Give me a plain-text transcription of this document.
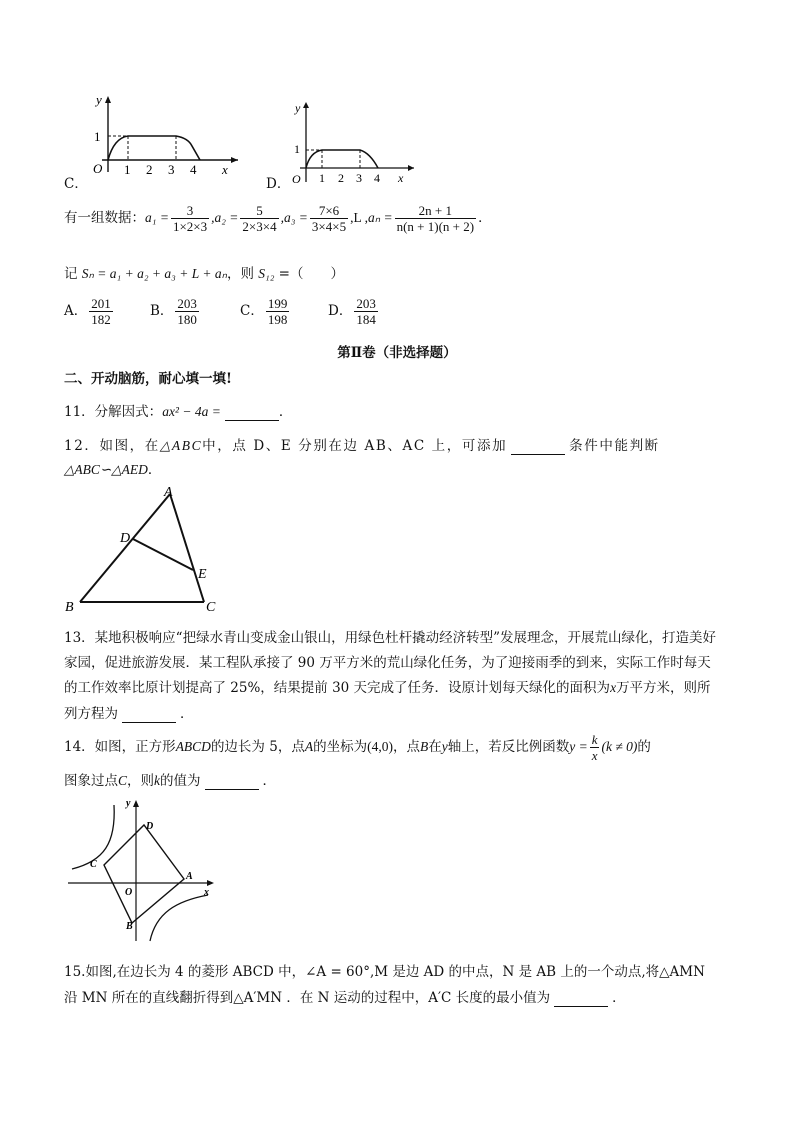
C．
y
1
O	x
1 2 3 4
D．
y
1
O	x
1 2 3 4
有一组数据：$a_1 = \frac{3}{1\times 2\times 3} ,a_2 = \frac{5}{2\times 3\times 4} ,a_3 = \frac{7\times 6}{3\times 4\times 5} ,L$ $,a_n = \frac{2n + 1}{n(n + 1)(n + 2)}$ ．
记 Sₙ = a₁ + a₂ + a₃ + L + aₙ，则 S₁₂ =（　　）
A． $\frac{201}{182}$	B． $\frac{203}{180}$	C． $\frac{199}{198}$	D． $\frac{203}{184}$
第Ⅱ卷（非选择题）
二、开动脑筋，耐心填一填!
11．分解因式：ax² − 4a =	．
12．如图，在△ABC中，点 D、E 分别在边 AB、AC 上，可添加	条件中能判断
△ABC∽△AED．
A
D
E
B	C
13．某地积极响应“把绿水青山变成金山银山，用绿色杜杆撬动经济转型”发展理念，开展荒山绿化，打造美好
家园，促进旅游发展．某工程队承接了 90 万平方米的荒山绿化任务，为了迎接雨季的到来，实际工作时每天
的工作效率比原计划提高了 25%，结果提前 30 天完成了任务．设原计划每天绿化的面积为x万平方米，则所
列方程为	．
14．如图，正方形ABCD的边长为 5，点A的坐标为(4,0)，点B在y轴上，若反比例函数$y = \frac{k}{x} (k \ne 0)$的
图象过点C，则k的值为	．
y
x
O
D
C
A
B
15.如图,在边长为 4 的菱形 ABCD 中，∠A = 60°,M 是边 AD 的中点，N 是 AB 上的一个动点,将△AMN
沿 MN 所在的直线翻折得到△A′MN ．在 N 运动的过程中，A′C 长度的最小值为	．
